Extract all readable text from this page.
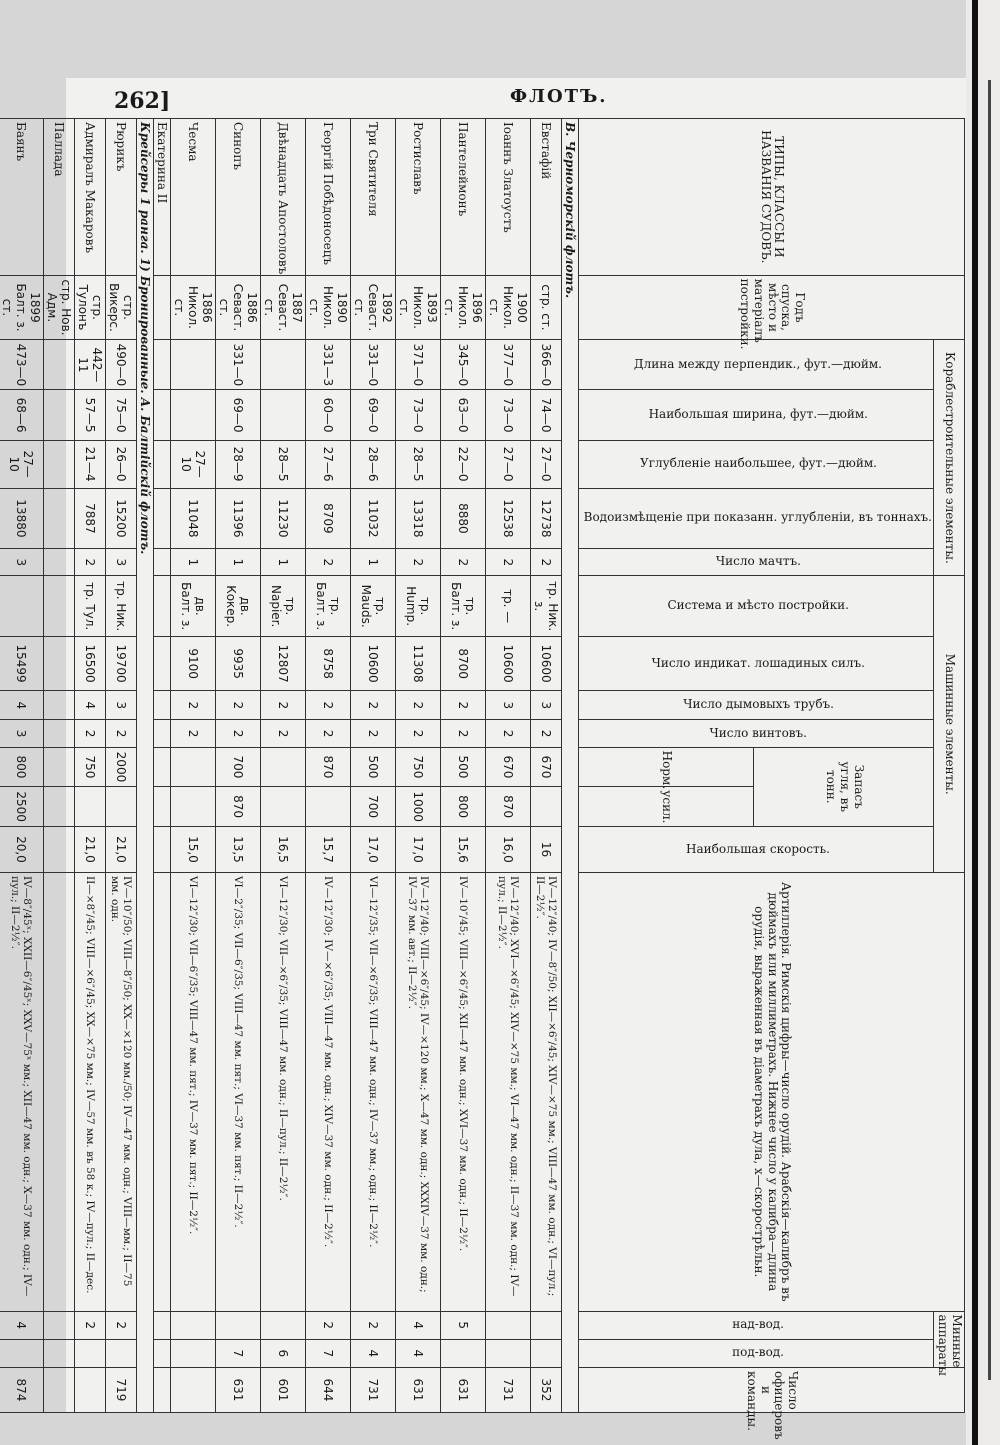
262]	ФЛОТЪ.
ТИПЫ, КЛАССЫ И НАЗВАНІЯ СУДОВЪ.	Годъ спуска, мѣсто и матеріалъ постройки.	Кораблестроительные элементы.					Машинные элементы.							Артиллерія. Римскія цифры—число орудій. Арабскія—калибръ въ дюймахъ или миллиметрахъ. Нижнее число у калибра—длина орудія, выраженная въ діаметрахъ дула, х—скорострѣльн.	Минные аппараты		Число офицеровъ и команды.
		Длина между перпендик., фут.—дюйм.	Наибольшая ширина, фут.—дюйм.	Углубленіе наибольшее, фут.—дюйм.	Водоизмѣщеніе при показанн. углубленіи, въ тоннахъ.	Число мачтъ.	Система и мѣсто постройки.	Число индикат. лошадиных силъ.	Число дымовыхъ трубъ.	Число винтовъ.	Запасъ угля, въ тонн.		Наибольшая скорость.		над-вод.	под-вод.	
											Норм.	усил.					
B. Черноморскій флотъ.																	
Евстафій	стр. ст.	366—0	74—0	27—0	12738	2	тр. Ник. з.	10600	3	2	670		16	IV—12″/40; IV—8″/50; XII—×6″/45; XIV—×75 мм.; VIII—47 мм. одн.; VI—пул.; II—2½″.			352
Іоаннъ Златоустъ	1900 Никол. ст.	377—0	73—0	27—0	12538	2	тр. —	10600	3	2	670	870	16,0	IV—12″/40; XVI—×6″/45; XIV—×75 мм.; VI—47 мм. одн.; II—37 мм. одн.; IV—пул.; II—2½″.			731
Пантелеймонъ	1896 Никол. ст.	345—0	63—0	22—0	8880	2	тр. Балт. з.	8700	2	2	500	800	15,6	IV—10″/45; VIII—×6″/45; XII—47 мм. одн.; XVI—37 мм. одн.; II—2½″.	5		631
Ростиславъ	1893 Никол. ст.	371—0	73—0	28—5	13318	2	тр. Hump.	11308	2	2	750	1000	17,0	IV—12″/40; VIII—×6″/45; IV—×120 мм.; X—47 мм. одн.; XXXIV—37 мм. одн.; IV—37 мм. авт.; II—2½″.	4	4	631
Три Святителя	1892 Севаст. ст.	331—0	69—0	28—6	11032	1	тр. Mauds.	10600	2	2	500	700	17,0	VI—12″/35; VII—×6″/35; VIII—47 мм. одн.; IV—37 мм.; одн.; II—2½″.	2	4	731
Георгій Побѣдоносецъ	1890 Никол. ст.	331—3	60—0	27—6	8709	2	тр. Балт. з.	8758	2	2	870		15,7	IV—12″/30; IV—×6″/35; VIII—47 мм. одн.; XIV—37 мм. одн.; II—2½″.	2	7	644
Двѣнадцать Апостоловъ	1887 Севаст. ст.			28—5	11230	1	тр. Napier.	12807	2	2			16,5	VI—12″/30; VII—×6″/35; VIII—47 мм. одн.; II—пул.; II—2½″.		6	601
Синопъ	1886 Севаст. ст.	331—0	69—0	28—9	11396	1	дв. Кокер.	9935	2	2	700	870	13,5	VI—2″/35; VII—6″/35; VIII—47 мм. пят.; VI—37 мм. пят.; II—2½″.		7	631
Чесма	1886 Никол. ст.			27—10	11048	1	дв. Балт. з.	9100	2	2			15,0	VI—12″/30; VII—6″/35; VIII—47 мм. пят.; IV—37 мм. пят.; II—2½″.			
Екатерина II																	
Крейсеры 1 ранга. 1) Бронированные. A. Балтійскій флотъ.																	
Рюрикъ	стр. Викерс.	490—0	75—0	26—0	15200	3	тр. Ник.	19700	3	2	2000		21,0	IV—10″/50; VIII—8″/50; XX—×120 мм./50; IV—47 мм. одн.; VIII—мм.; II—75 мм. одн.	2		719
Адмиралъ Макаровъ	стр. Тулонъ	442—11	57—5	21—4	7887	2	тр. Тул.	16500	4	2	750		21,0	II—×8″/45; VIII—×6″/45; XX—×75 мм.; IV—57 мм. въ 58 к.; IV—пул.; II—дес.	2		
Паллада	стр. Нов. Адм.																
Баянъ	1899 Балт. з. ст.	473—0	68—6	27—10	13880	3		15499	4	3	800	2500	20,0	IV—8″/45ˣ; XXII—6″/45ˣ; XXV—75ˣ мм.; XII—47 мм. одн.; X—37 мм. одн.; IV—пул.; II—2½″.	4		874
